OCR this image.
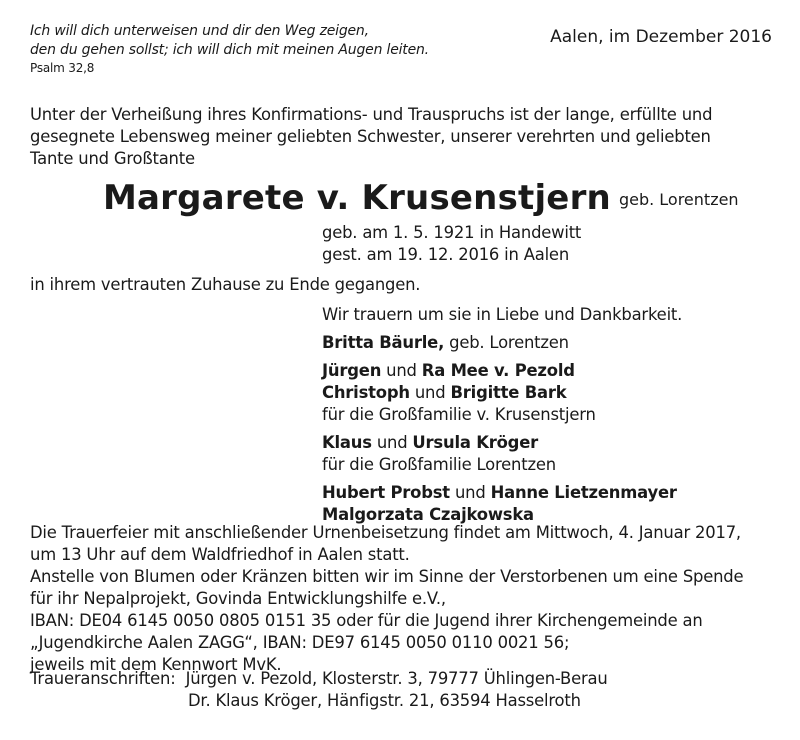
Ich will dich unterweisen und dir den Weg zeigen,
den du gehen sollst; ich will dich mit meinen Augen leiten.
Psalm 32,8
Aalen, im Dezember 2016
Unter der Verheißung ihres Konfirmations- und Trauspruchs ist der lange, erfüllte und
gesegnete Lebensweg meiner geliebten Schwester, unserer verehrten und geliebten
Tante und Großtante
Margarete v. Krusenstjern geb. Lorentzen
geb. am 1. 5. 1921 in Handewitt
gest. am 19. 12. 2016 in Aalen
in ihrem vertrauten Zuhause zu Ende gegangen.
Wir trauern um sie in Liebe und Dankbarkeit.
Britta Bäurle, geb. Lorentzen
Jürgen und Ra Mee v. Pezold
Christoph und Brigitte Bark
für die Großfamilie v. Krusenstjern
Klaus und Ursula Kröger
für die Großfamilie Lorentzen
Hubert Probst und Hanne Lietzenmayer
Malgorzata Czajkowska
Die Trauerfeier mit anschließender Urnenbeisetzung findet am Mittwoch, 4. Januar 2017,
um 13 Uhr auf dem Waldfriedhof in Aalen statt.
Anstelle von Blumen oder Kränzen bitten wir im Sinne der Verstorbenen um eine Spende
für ihr Nepalprojekt, Govinda Entwicklungshilfe e.V.,
IBAN: DE04 6145 0050 0805 0151 35 oder für die Jugend ihrer Kirchengemeinde an
„Jugendkirche Aalen ZAGG“, IBAN: DE97 6145 0050 0110 0021 56;
jeweils mit dem Kennwort MvK.
Traueranschriften: Jürgen v. Pezold, Klosterstr. 3, 79777 Ühlingen-Berau
Dr. Klaus Kröger, Hänfigstr. 21, 63594 Hasselroth
